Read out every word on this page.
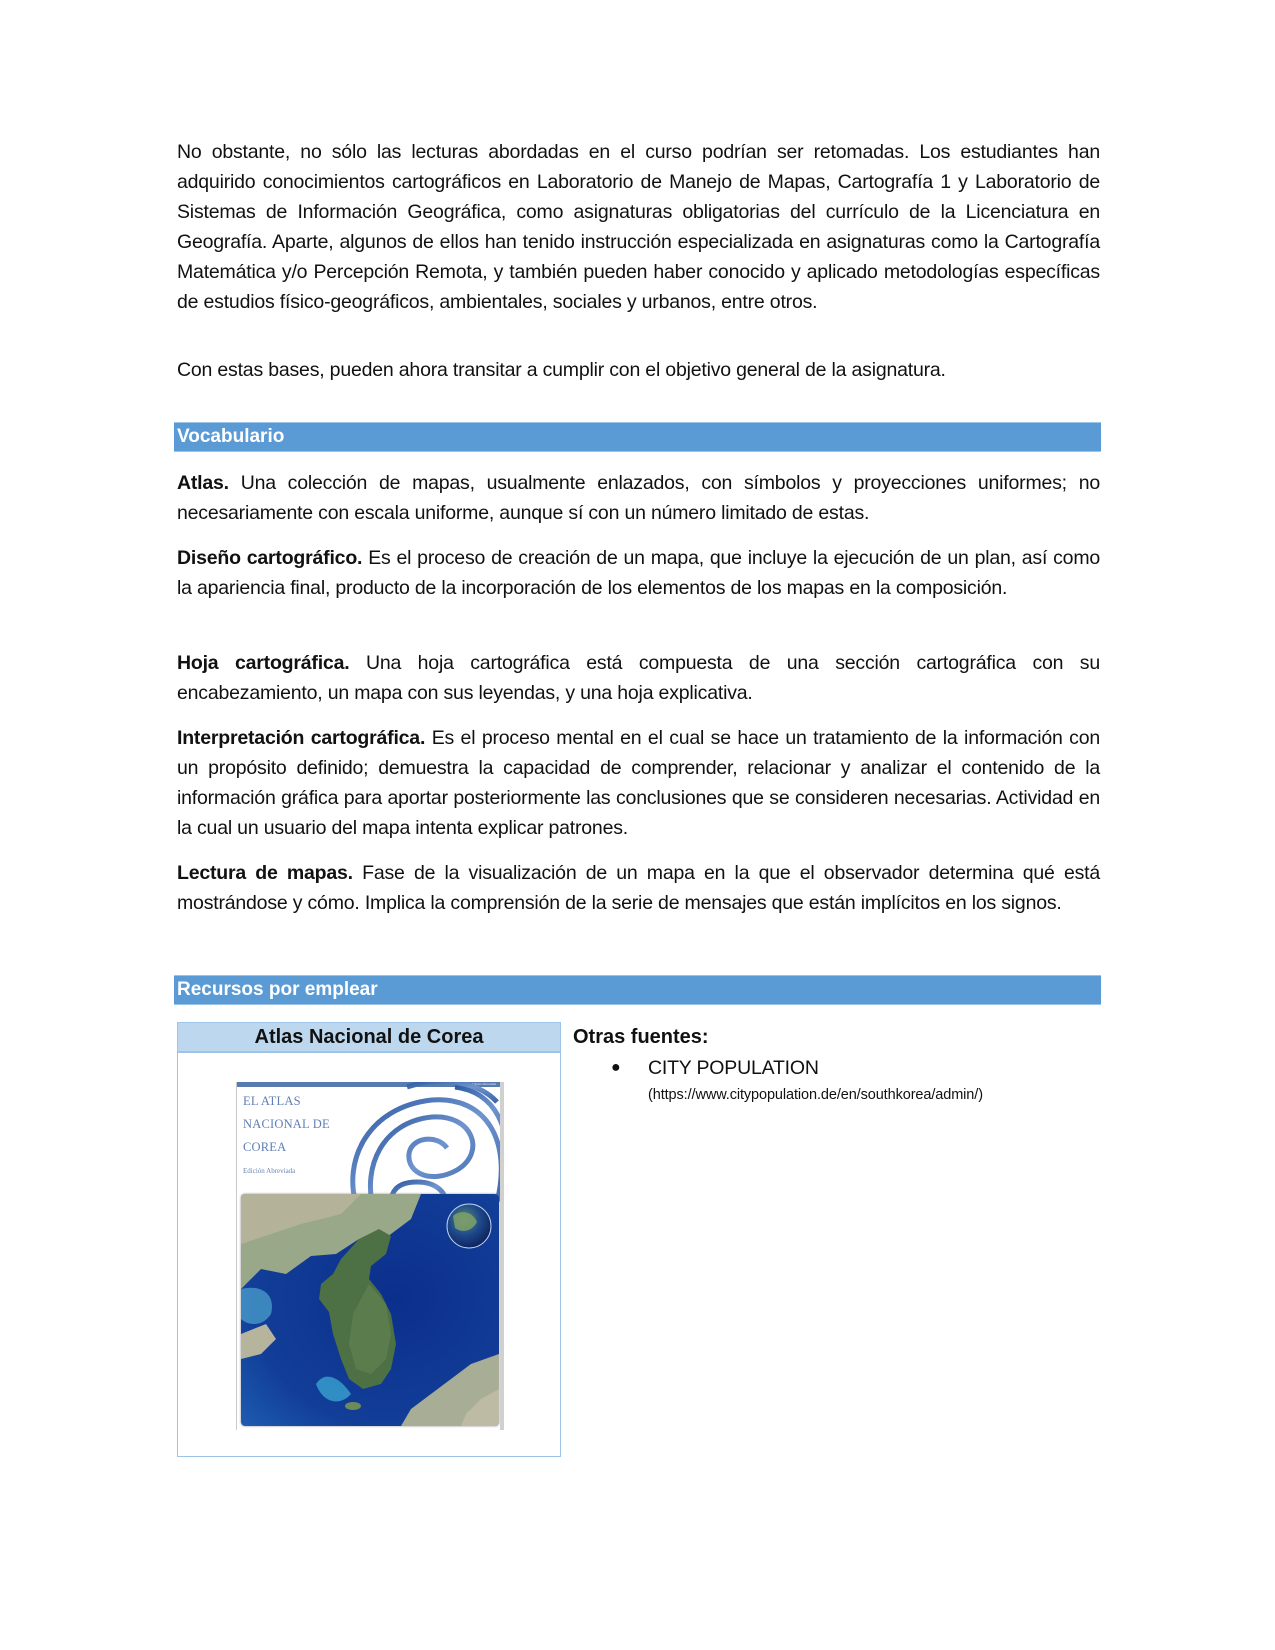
No obstante, no sólo las lecturas abordadas en el curso podrían ser retomadas. Los estudiantes han adquirido conocimientos cartográficos en Laboratorio de Manejo de Mapas, Cartografía 1 y Laboratorio de Sistemas de Información Geográfica, como asignaturas obligatorias del currículo de la Licenciatura en Geografía. Aparte, algunos de ellos han tenido instrucción especializada en asignaturas como la Cartografía Matemática y/o Percepción Remota, y también pueden haber conocido y aplicado metodologías específicas de estudios físico-geográficos, ambientales, sociales y urbanos, entre otros.

Con estas bases, pueden ahora transitar a cumplir con el objetivo general de la asignatura.

Vocabulario

Atlas. Una colección de mapas, usualmente enlazados, con símbolos y proyecciones uniformes; no necesariamente con escala uniforme, aunque sí con un número limitado de estas.

Diseño cartográfico. Es el proceso de creación de un mapa, que incluye la ejecución de un plan, así como la apariencia final, producto de la incorporación de los elementos de los mapas en la composición.

Hoja cartográfica. Una hoja cartográfica está compuesta de una sección cartográfica con su encabezamiento, un mapa con sus leyendas, y una hoja explicativa.

Interpretación cartográfica. Es el proceso mental en el cual se hace un tratamiento de la información con un propósito definido; demuestra la capacidad de comprender, relacionar y analizar el contenido de la información gráfica para aportar posteriormente las conclusiones que se consideren necesarias. Actividad en la cual un usuario del mapa intenta explicar patrones.

Lectura de mapas. Fase de la visualización de un mapa en la que el observador determina qué está mostrándose y cómo. Implica la comprensión de la serie de mensajes que están implícitos en los signos.

Recursos por emplear
Atlas Nacional de Corea
Edición Abreviada
EL ATLAS
NACIONAL DE
COREA
Edición Abreviada
Otras fuentes:
● CITY POPULATION
(https://www.citypopulation.de/en/southkorea/admin/)
